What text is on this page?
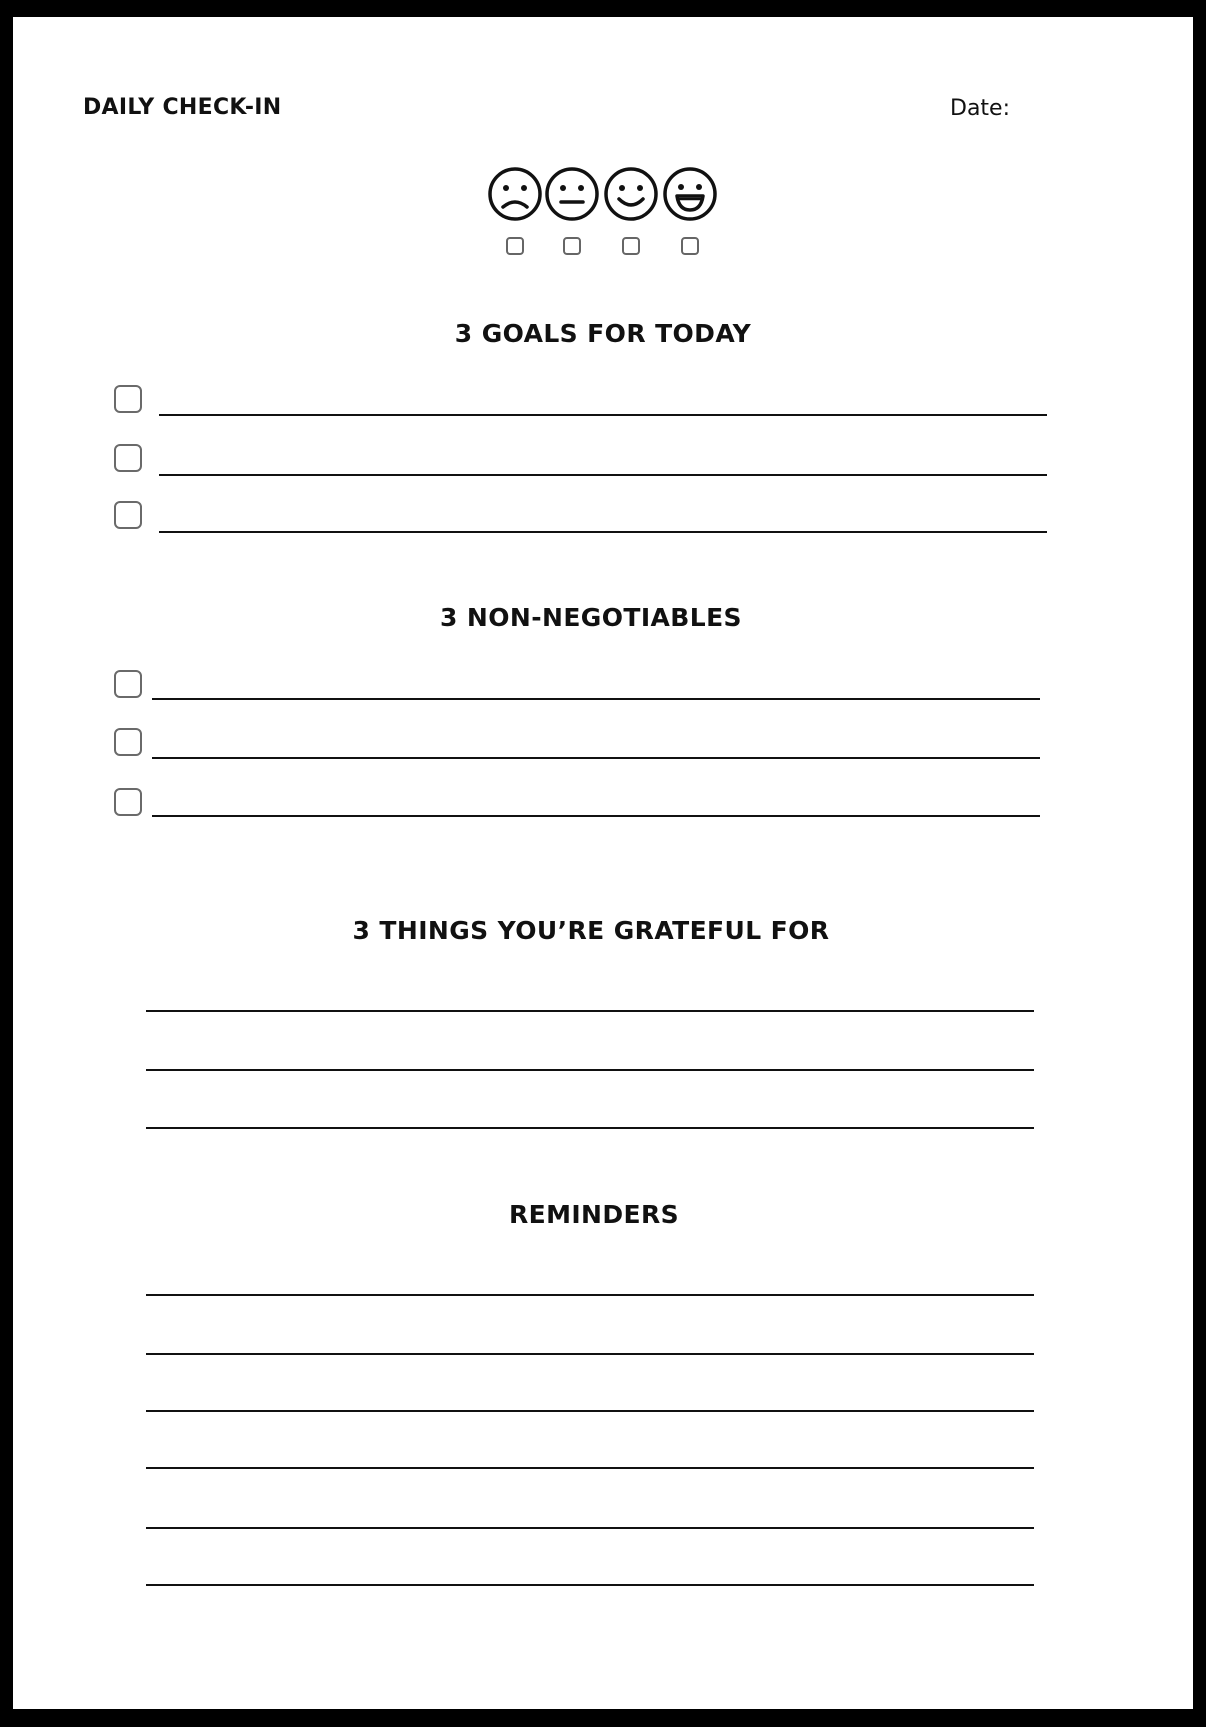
DAILY CHECK-IN	Date:
3 GOALS FOR TODAY
3 NON-NEGOTIABLES
3 THINGS YOU’RE GRATEFUL FOR
REMINDERS
